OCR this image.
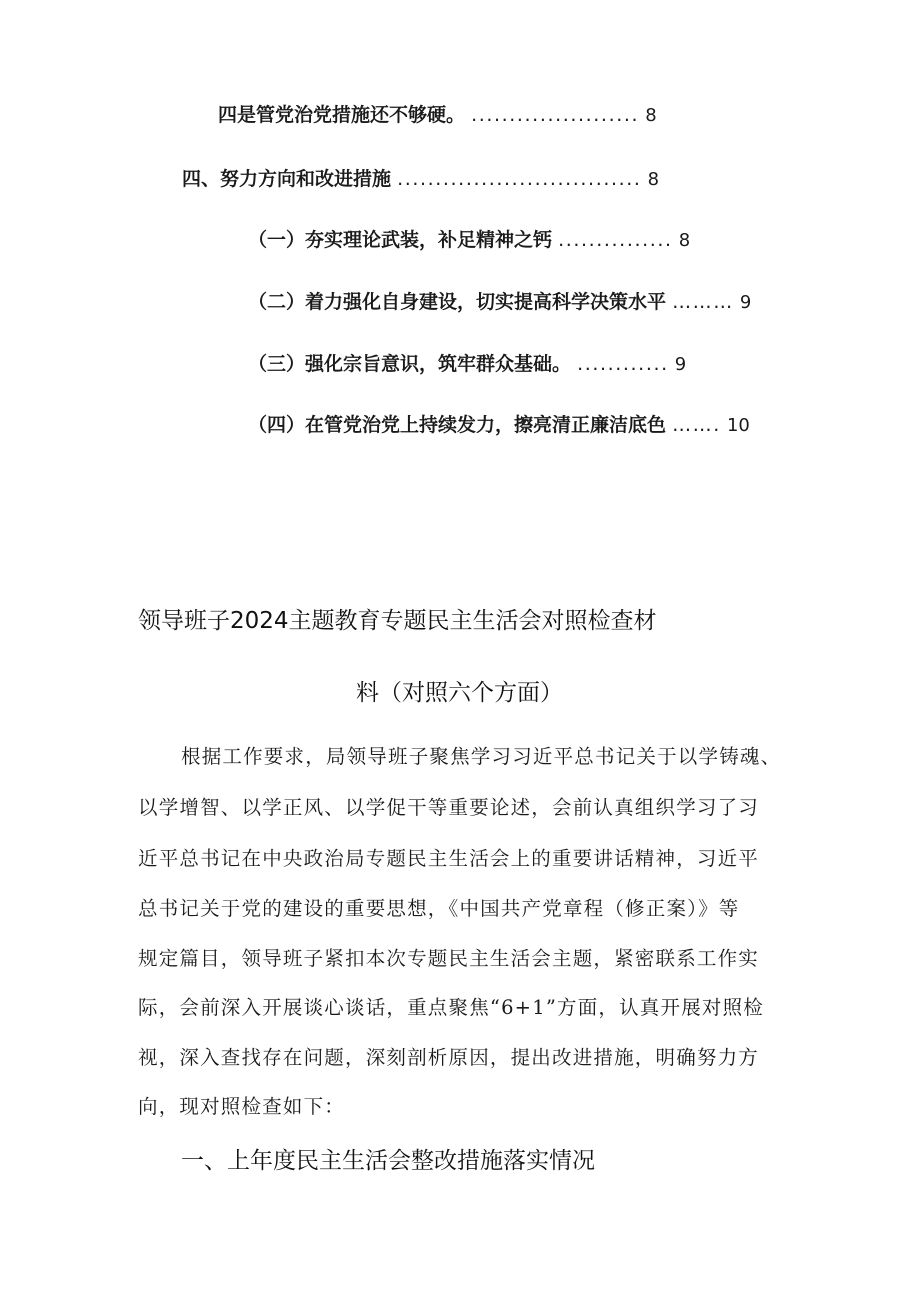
四是管党治党措施还不够硬。 ...................... 8
四、努力方向和改进措施 ................................ 8
（一）夯实理论武装，补足精神之钙 ............... 8
（二）着力强化自身建设，切实提高科学决策水平 ……… 9
（三）强化宗旨意识，筑牢群众基础。 ............ 9
（四）在管党治党上持续发力，擦亮清正廉洁底色 ……. 10
领导班子2024主题教育专题民主生活会对照检查材
料（对照六个方面）
根据工作要求，局领导班子聚焦学习习近平总书记关于以学铸魂、
以学增智、以学正风、以学促干等重要论述，会前认真组织学习了习
近平总书记在中央政治局专题民主生活会上的重要讲话精神，习近平
总书记关于党的建设的重要思想，《中国共产党章程（修正案）》等
规定篇目，领导班子紧扣本次专题民主生活会主题，紧密联系工作实
际，会前深入开展谈心谈话，重点聚焦“6+1”方面，认真开展对照检
视，深入查找存在问题，深刻剖析原因，提出改进措施，明确努力方
向，现对照检查如下：
一、上年度民主生活会整改措施落实情况
